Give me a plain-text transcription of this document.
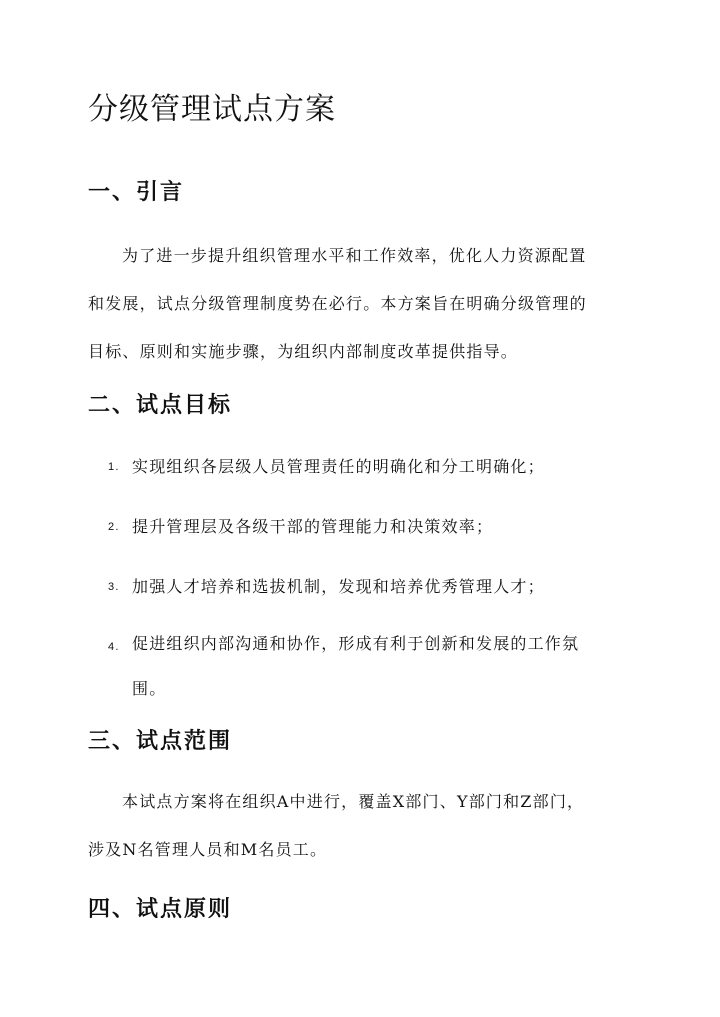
分级管理试点方案
一、引言

为了进一步提升组织管理水平和工作效率，优化人力资源配置
和发展，试点分级管理制度势在必行。本方案旨在明确分级管理的
目标、原则和实施步骤，为组织内部制度改革提供指导。

二、试点目标
1. 实现组织各层级人员管理责任的明确化和分工明确化；
2. 提升管理层及各级干部的管理能力和决策效率；
3. 加强人才培养和选拔机制，发现和培养优秀管理人才；
4. 促进组织内部沟通和协作，形成有利于创新和发展的工作氛
围。
三、试点范围

本试点方案将在组织A中进行，覆盖X部门、Y部门和Z部门，
涉及N名管理人员和M名员工。

四、试点原则
